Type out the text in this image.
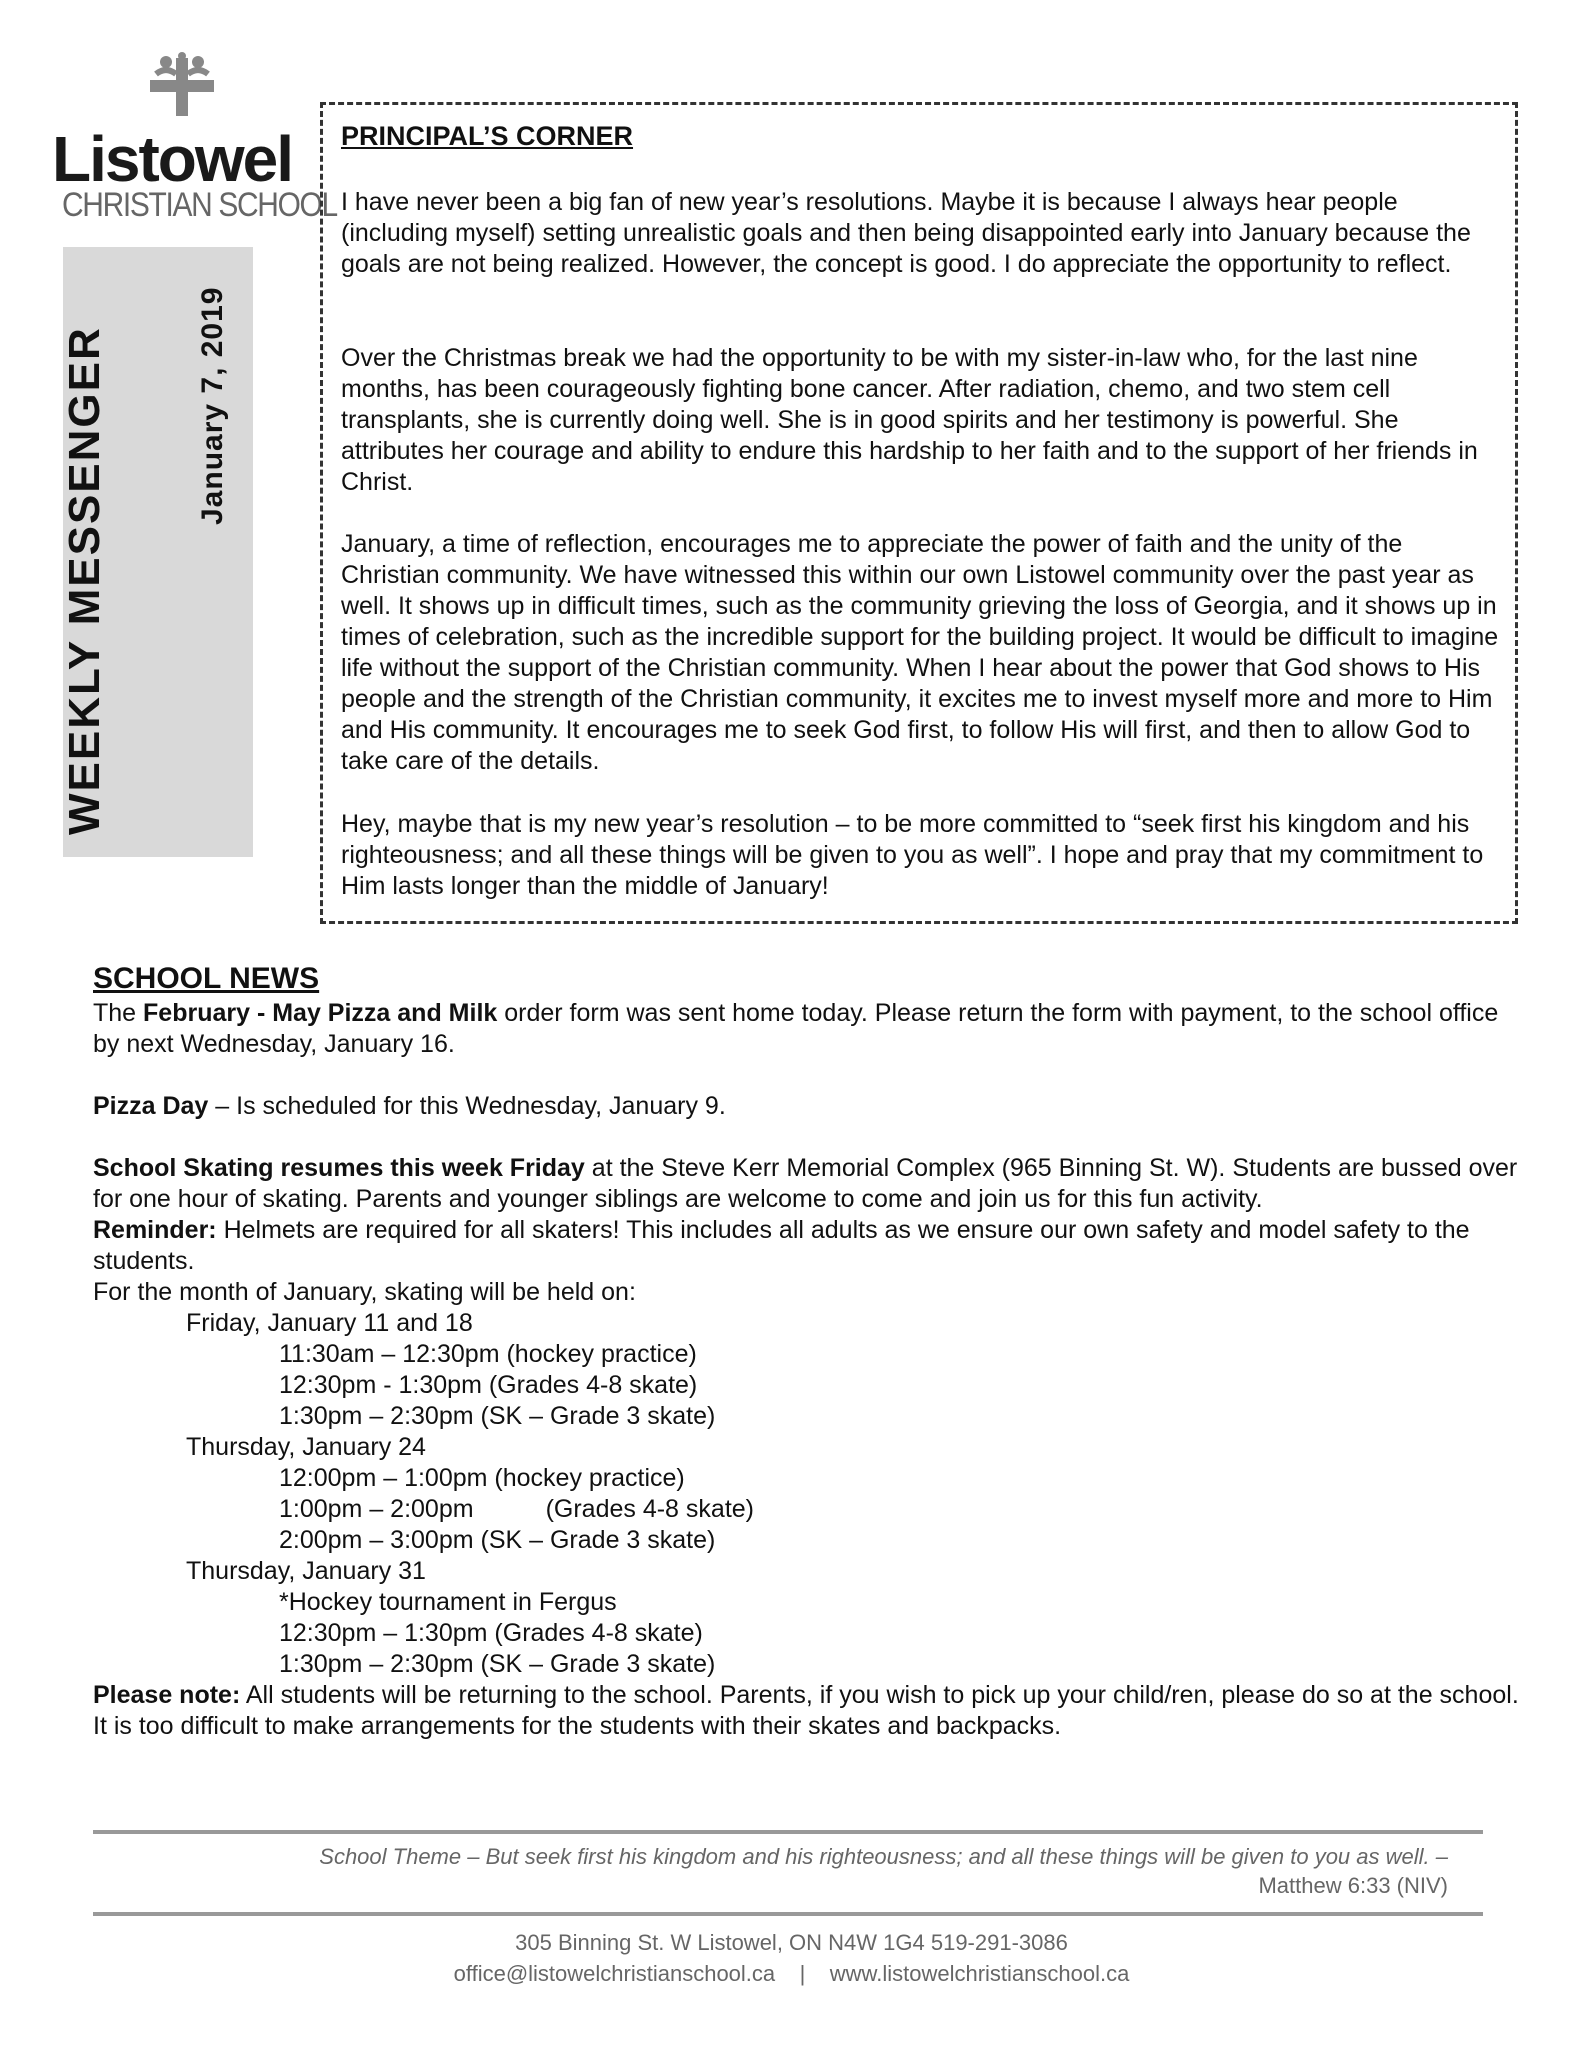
Listowel
CHRISTIAN SCHOOL
WEEKLY MESSENGER	January 7, 2019
PRINCIPAL’S CORNER

I have never been a big fan of new year’s resolutions. Maybe it is because I always hear people (including myself) setting unrealistic goals and then being disappointed early into January because the goals are not being realized. However, the concept is good. I do appreciate the opportunity to reflect.

Over the Christmas break we had the opportunity to be with my sister-in-law who, for the last nine months, has been courageously fighting bone cancer. After radiation, chemo, and two stem cell transplants, she is currently doing well. She is in good spirits and her testimony is powerful. She attributes her courage and ability to endure this hardship to her faith and to the support of her friends in Christ.

January, a time of reflection, encourages me to appreciate the power of faith and the unity of the Christian community. We have witnessed this within our own Listowel community over the past year as well. It shows up in difficult times, such as the community grieving the loss of Georgia, and it shows up in times of celebration, such as the incredible support for the building project. It would be difficult to imagine life without the support of the Christian community. When I hear about the power that God shows to His people and the strength of the Christian community, it excites me to invest myself more and more to Him and His community. It encourages me to seek God first, to follow His will first, and then to allow God to take care of the details.

Hey, maybe that is my new year’s resolution – to be more committed to “seek first his kingdom and his righteousness; and all these things will be given to you as well”. I hope and pray that my commitment to Him lasts longer than the middle of January!

SCHOOL NEWS

The February - May Pizza and Milk order form was sent home today. Please return the form with payment, to the school office by next Wednesday, January 16.

Pizza Day – Is scheduled for this Wednesday, January 9.

School Skating resumes this week Friday at the Steve Kerr Memorial Complex (965 Binning St. W). Students are bussed over for one hour of skating. Parents and younger siblings are welcome to come and join us for this fun activity.

Reminder: Helmets are required for all skaters! This includes all adults as we ensure our own safety and model safety to the students.

For the month of January, skating will be held on:

Friday, January 11 and 18

11:30am – 12:30pm (hockey practice)

12:30pm - 1:30pm (Grades 4-8 skate)

1:30pm – 2:30pm (SK – Grade 3 skate)

Thursday, January 24

12:00pm – 1:00pm (hockey practice)

1:00pm – 2:00pm	(Grades 4-8 skate)

2:00pm – 3:00pm (SK – Grade 3 skate)

Thursday, January 31

*Hockey tournament in Fergus

12:30pm – 1:30pm (Grades 4-8 skate)

1:30pm – 2:30pm (SK – Grade 3 skate)

Please note: All students will be returning to the school. Parents, if you wish to pick up your child/ren, please do so at the school. It is too difficult to make arrangements for the students with their skates and backpacks.

School Theme – But seek first his kingdom and his righteousness; and all these things will be given to you as well. –
Matthew 6:33 (NIV)
305 Binning St. W Listowel, ON N4W 1G4 519-291-3086
office@listowelchristianschool.ca | www.listowelchristianschool.ca
